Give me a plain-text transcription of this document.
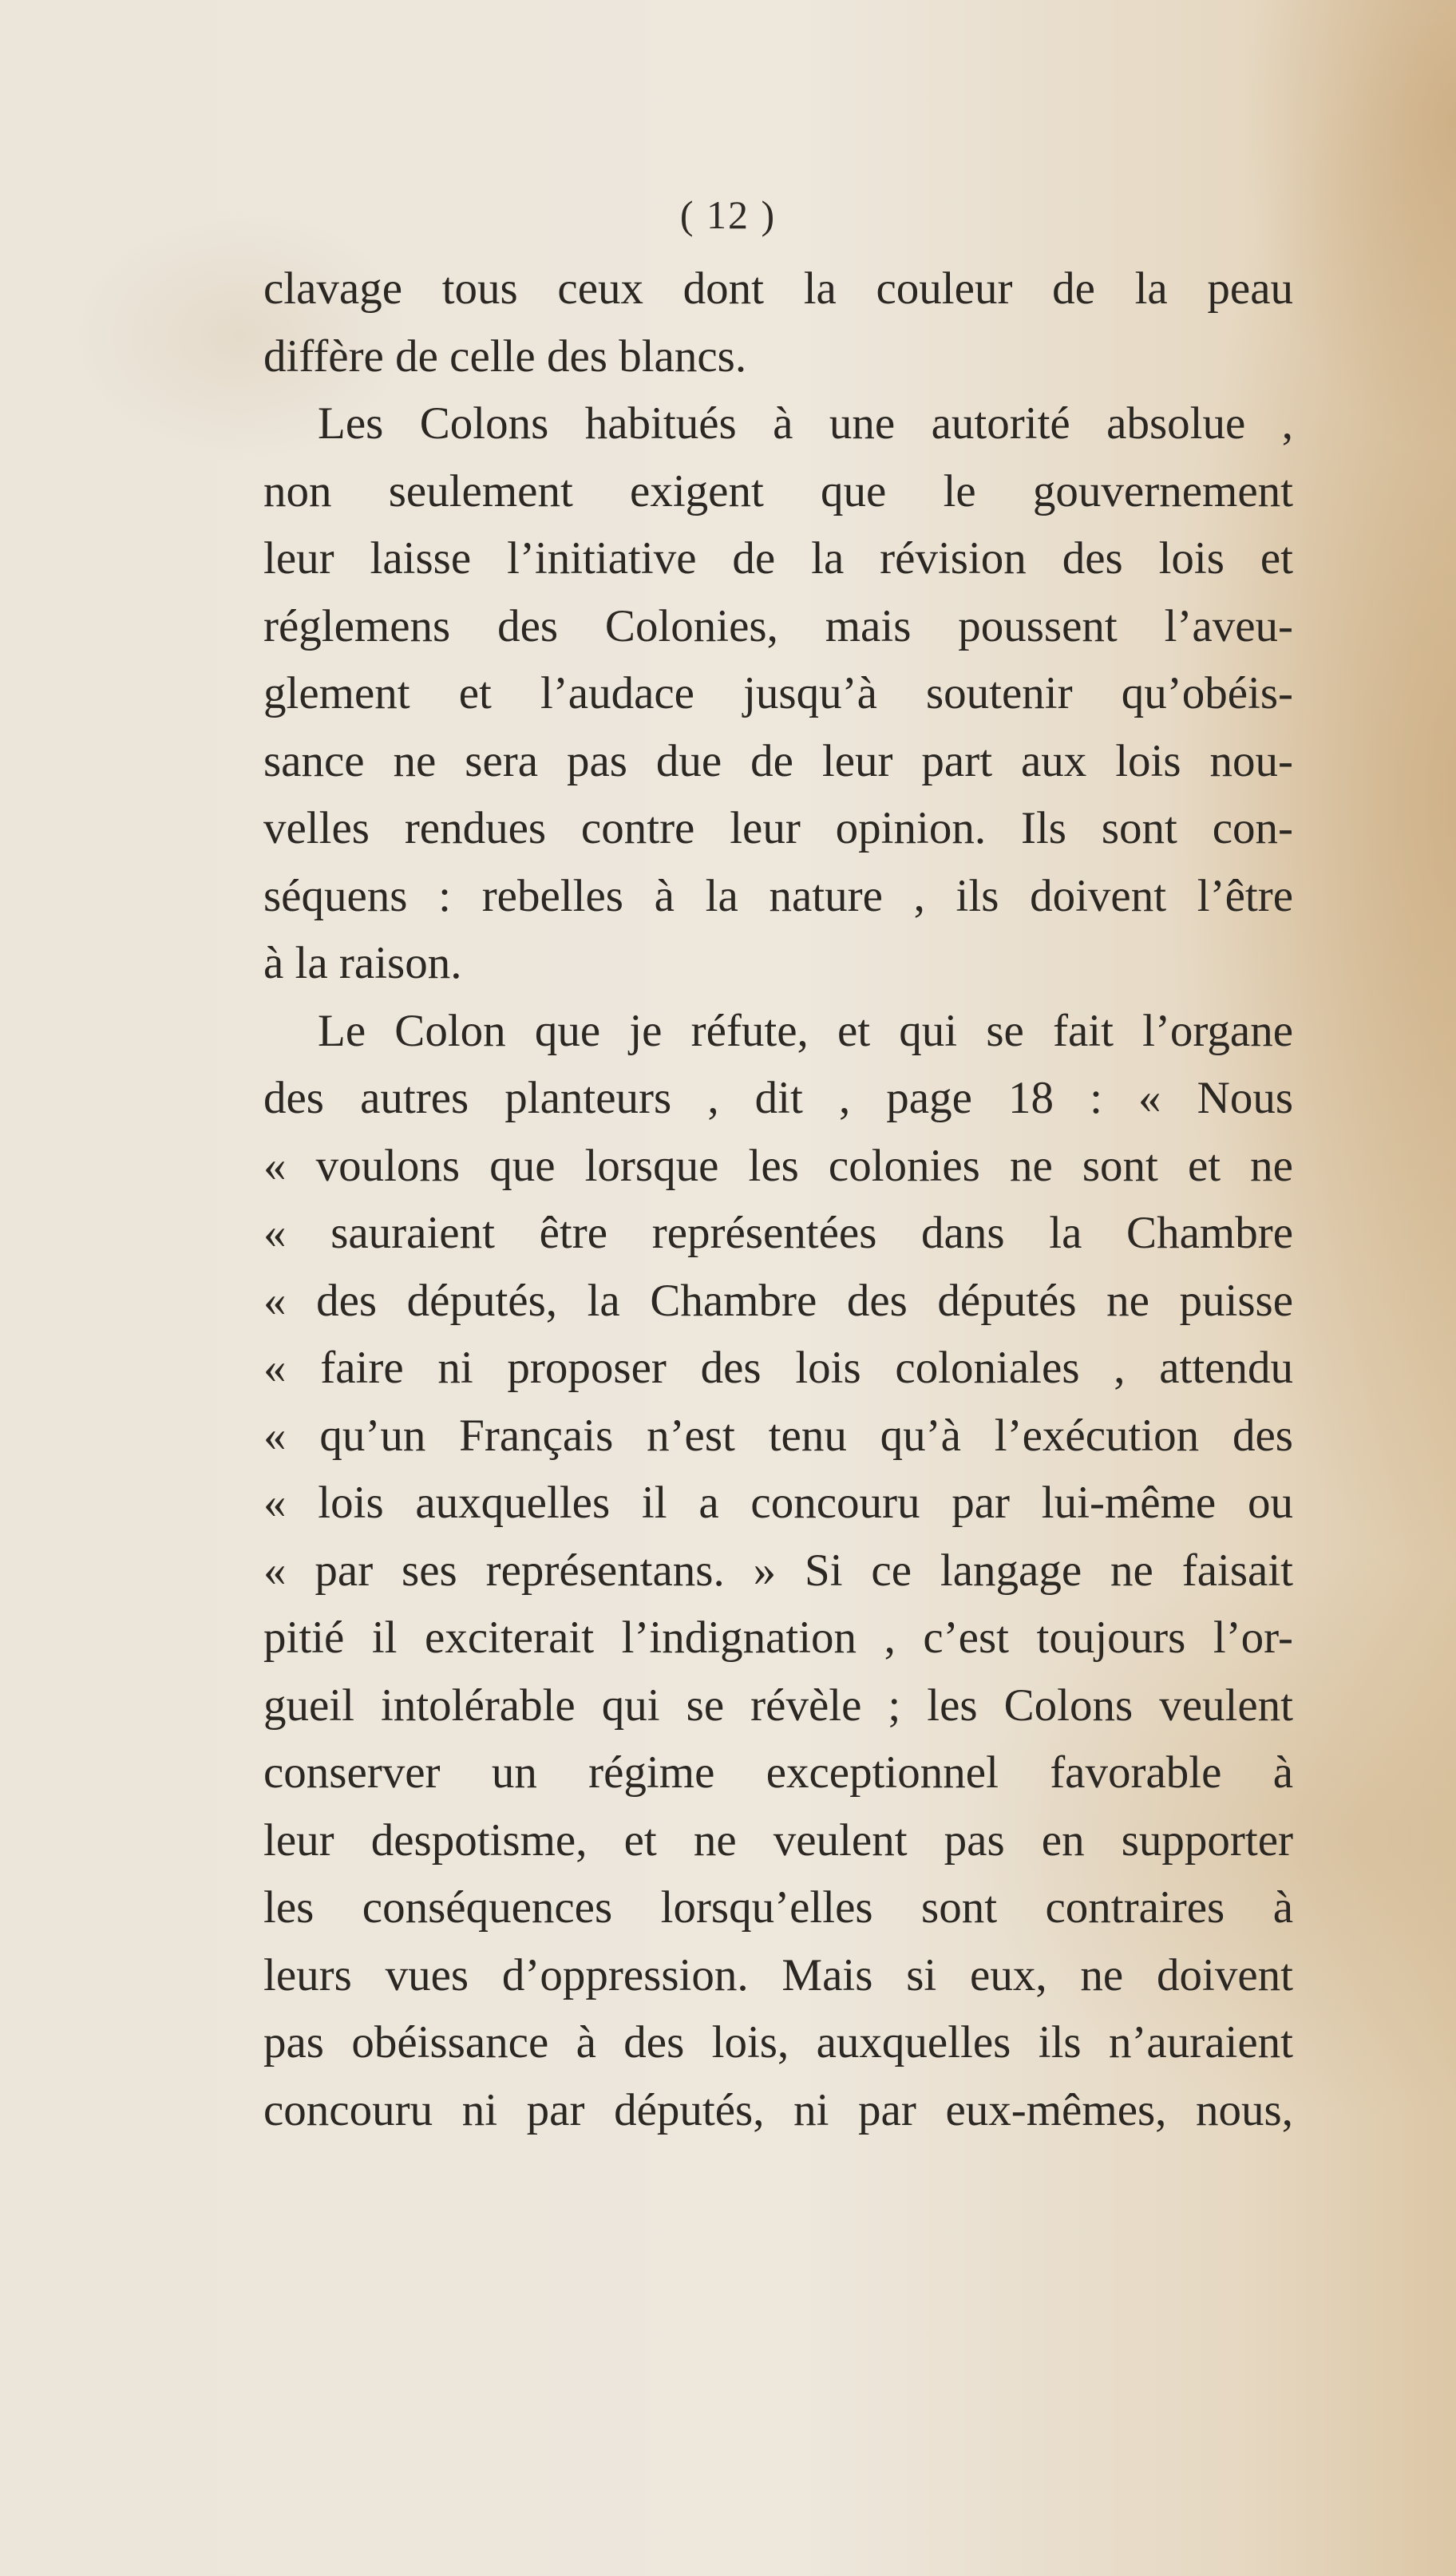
( 12 )
clavage tous ceux dont la couleur de la peau
diffère de celle des blancs.
Les Colons habitués à une autorité absolue ,
non seulement exigent que le gouvernement
leur laisse l’initiative de la révision des lois et
réglemens des Colonies, mais poussent l’aveu-
glement et l’audace jusqu’à soutenir qu’obéis-
sance ne sera pas due de leur part aux lois nou-
velles rendues contre leur opinion. Ils sont con-
séquens : rebelles à la nature , ils doivent l’être
à la raison.
Le Colon que je réfute, et qui se fait l’organe
des autres planteurs , dit , page 18 : « Nous
« voulons que lorsque les colonies ne sont et ne
« sauraient être représentées dans la Chambre
« des députés, la Chambre des députés ne puisse
« faire ni proposer des lois coloniales , attendu
« qu’un Français n’est tenu qu’à l’exécution des
« lois auxquelles il a concouru par lui-même ou
« par ses représentans. » Si ce langage ne faisait
pitié il exciterait l’indignation , c’est toujours l’or-
gueil intolérable qui se révèle ; les Colons veulent
conserver un régime exceptionnel favorable à
leur despotisme, et ne veulent pas en supporter
les conséquences lorsqu’elles sont contraires à
leurs vues d’oppression. Mais si eux, ne doivent
pas obéissance à des lois, auxquelles ils n’auraient
concouru ni par députés, ni par eux-mêmes, nous,
